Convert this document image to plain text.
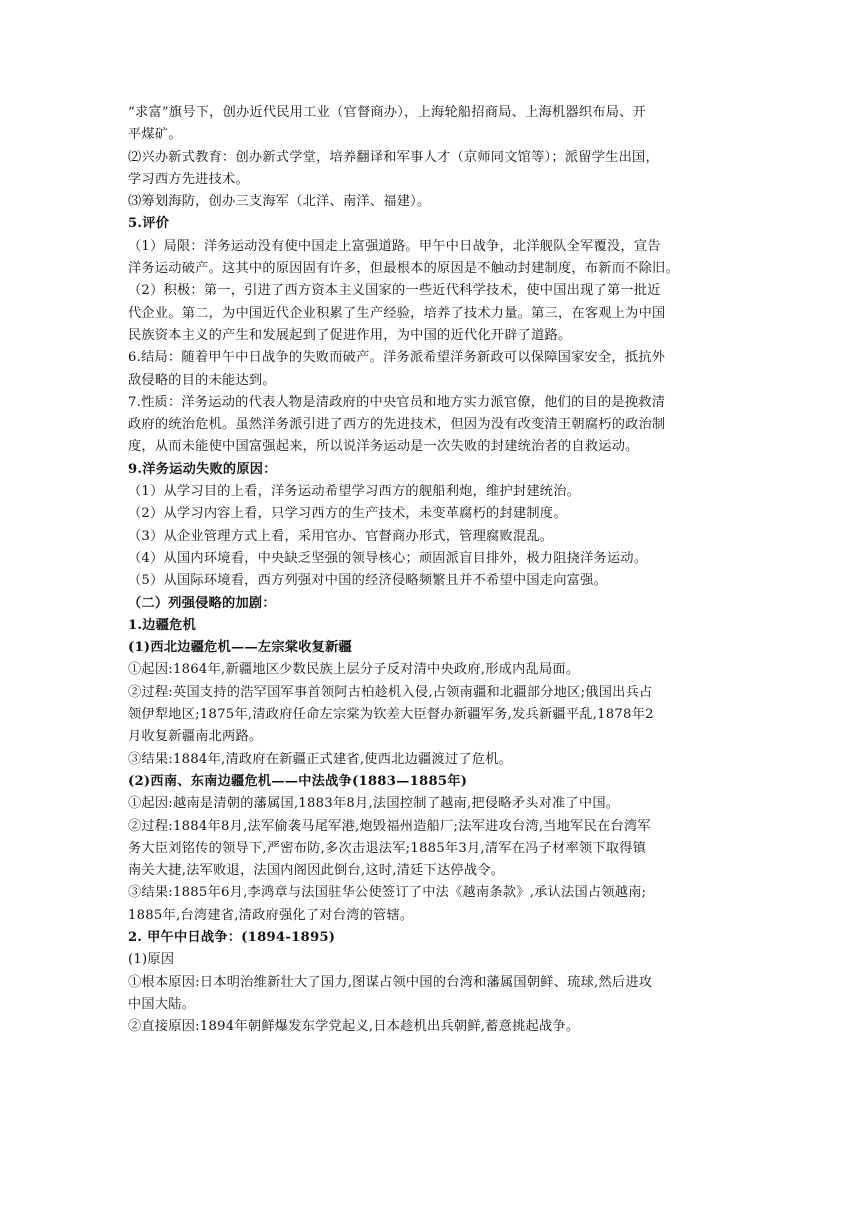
“求富”旗号下，创办近代民用工业（官督商办），上海轮船招商局、上海机器织布局、开
平煤矿。
⑵兴办新式教育：创办新式学堂，培养翻译和军事人才（京师同文馆等）；派留学生出国，
学习西方先进技术。
⑶筹划海防，创办三支海军（北洋、南洋、福建）。
5.评价
（1）局限：洋务运动没有使中国走上富强道路。甲午中日战争，北洋舰队全军覆没，宣告
洋务运动破产。这其中的原因固有许多，但最根本的原因是不触动封建制度，布新而不除旧。
（2）积极：第一，引进了西方资本主义国家的一些近代科学技术，使中国出现了第一批近
代企业。第二，为中国近代企业积累了生产经验，培养了技术力量。第三，在客观上为中国
民族资本主义的产生和发展起到了促进作用，为中国的近代化开辟了道路。
6.结局：随着甲午中日战争的失败而破产。洋务派希望洋务新政可以保障国家安全，抵抗外
敌侵略的目的未能达到。
7.性质：洋务运动的代表人物是清政府的中央官员和地方实力派官僚，他们的目的是挽救清
政府的统治危机。虽然洋务派引进了西方的先进技术，但因为没有改变清王朝腐朽的政治制
度，从而未能使中国富强起来，所以说洋务运动是一次失败的封建统治者的自救运动。
9.洋务运动失败的原因：
（1）从学习目的上看，洋务运动希望学习西方的舰船利炮，维护封建统治。
（2）从学习内容上看，只学习西方的生产技术，未变革腐朽的封建制度。
（3）从企业管理方式上看，采用官办、官督商办形式，管理腐败混乱。
（4）从国内环境看，中央缺乏坚强的领导核心；顽固派盲目排外，极力阻挠洋务运动。
（5）从国际环境看，西方列强对中国的经济侵略频繁且并不希望中国走向富强。
（二）列强侵略的加剧：
1.边疆危机
(1)西北边疆危机——左宗棠收复新疆
①起因:1864年,新疆地区少数民族上层分子反对清中央政府,形成内乱局面。
②过程:英国支持的浩罕国军事首领阿古柏趁机入侵,占领南疆和北疆部分地区;俄国出兵占
领伊犁地区;1875年,清政府任命左宗棠为钦差大臣督办新疆军务,发兵新疆平乱,1878年2
月收复新疆南北两路。
③结果:1884年,清政府在新疆正式建省,使西北边疆渡过了危机。
(2)西南、东南边疆危机——中法战争(1883—1885年)
①起因:越南是清朝的藩属国,1883年8月,法国控制了越南,把侵略矛头对准了中国。
②过程:1884年8月,法军偷袭马尾军港,炮毁福州造船厂;法军进攻台湾,当地军民在台湾军
务大臣刘铭传的领导下,严密布防,多次击退法军;1885年3月,清军在冯子材率领下取得镇
南关大捷,法军败退，法国内阁因此倒台,这时,清廷下达停战令。
③结果:1885年6月,李鸿章与法国驻华公使签订了中法《越南条款》,承认法国占领越南;
1885年,台湾建省,清政府强化了对台湾的管辖。
2. 甲午中日战争：(1894-1895)
(1)原因
①根本原因:日本明治维新壮大了国力,图谋占领中国的台湾和藩属国朝鲜、琉球,然后进攻
中国大陆。
②直接原因:1894年朝鲜爆发东学党起义,日本趁机出兵朝鲜,蓄意挑起战争。
